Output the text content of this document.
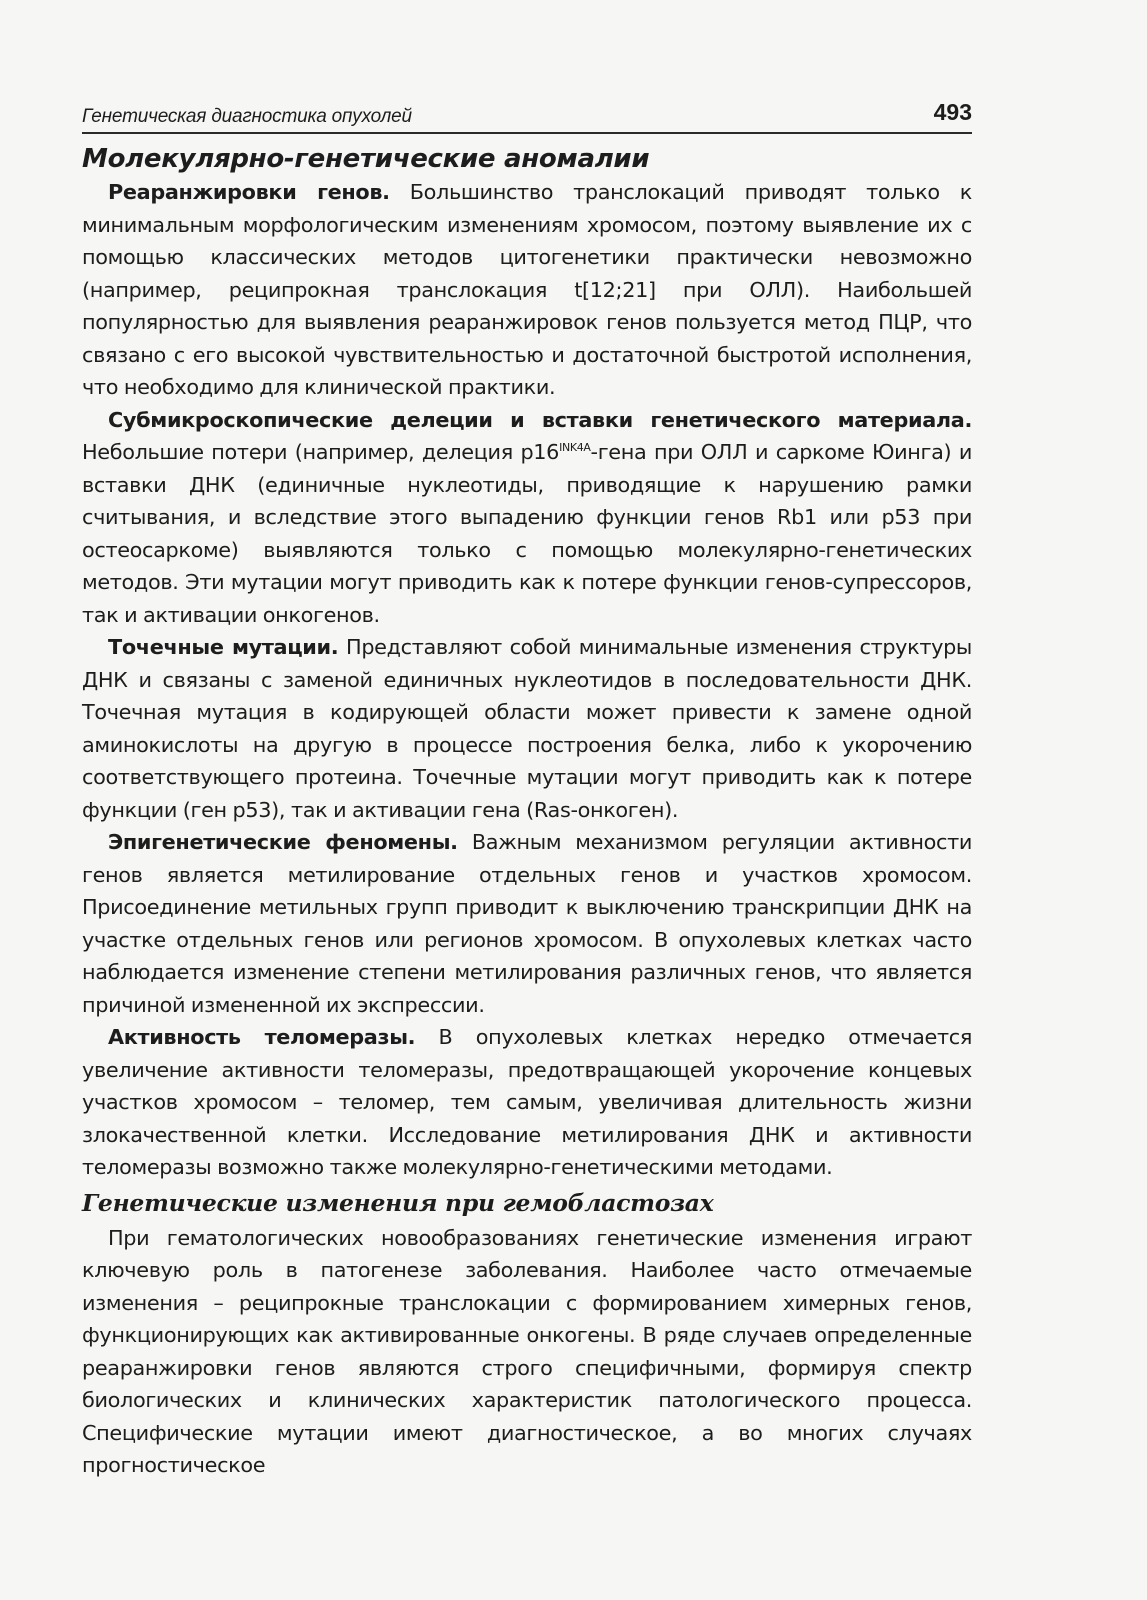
Генетическая диагностика опухолей	493
Молекулярно-генетические аномалии

Реаранжировки генов. Большинство транслокаций приводят только к минимальным морфологическим изменениям хромосом, поэтому выявление их с помощью классических методов цитогенетики практически невозможно (например, реципрокная транслокация t[12;21] при ОЛЛ). Наибольшей популярностью для выявления реаранжировок генов пользуется метод ПЦР, что связано с его высокой чувствительностью и достаточной быстротой исполнения, что необходимо для клинической практики.

Субмикроскопические делеции и вставки генетического материала. Небольшие потери (например, делеция $p16^{INK4A}$-гена при ОЛЛ и саркоме Юинга) и вставки ДНК (единичные нуклеотиды, приводящие к нарушению рамки считывания, и вследствие этого выпадению функции генов Rb1 или p53 при остеосаркоме) выявляются только с помощью молекулярно-генетических методов. Эти мутации могут приводить как к потере функции генов-супрессоров, так и активации онкогенов.

Точечные мутации. Представляют собой минимальные изменения структуры ДНК и связаны с заменой единичных нуклеотидов в последовательности ДНК. Точечная мутация в кодирующей области может привести к замене одной аминокислоты на другую в процессе построения белка, либо к укорочению соответствующего протеина. Точечные мутации могут приводить как к потере функции (ген p53), так и активации гена (Ras-онкоген).

Эпигенетические феномены. Важным механизмом регуляции активности генов является метилирование отдельных генов и участков хромосом. Присоединение метильных групп приводит к выключению транскрипции ДНК на участке отдельных генов или регионов хромосом. В опухолевых клетках часто наблюдается изменение степени метилирования различных генов, что является причиной измененной их экспрессии.

Активность теломеразы. В опухолевых клетках нередко отмечается увеличение активности теломеразы, предотвращающей укорочение концевых участков хромосом – теломер, тем самым, увеличивая длительность жизни злокачественной клетки. Исследование метилирования ДНК и активности теломеразы возможно также молекулярно-генетическими методами.

Генетические изменения при гемобластозах

При гематологических новообразованиях генетические изменения играют ключевую роль в патогенезе заболевания. Наиболее часто отмечаемые изменения – реципрокные транслокации с формированием химерных генов, функционирующих как активированные онкогены. В ряде случаев определенные реаранжировки генов являются строго специфичными, формируя спектр биологических и клинических характеристик патологического процесса. Специфические мутации имеют диагностическое, а во многих случаях прогностическое
